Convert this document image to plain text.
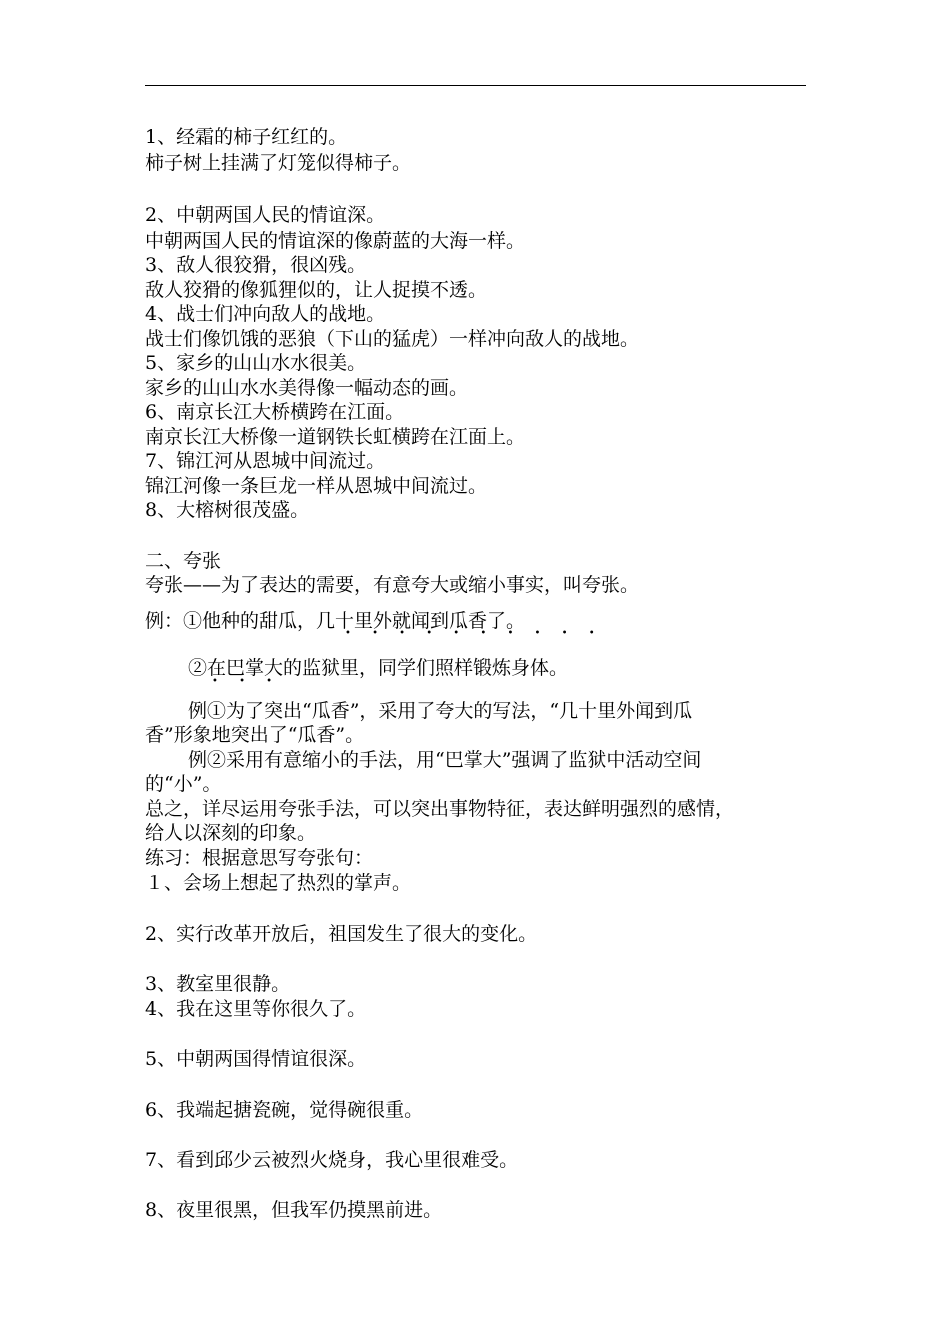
1、经霜的柿子红红的。
柿子树上挂满了灯笼似得柿子。
2、中朝两国人民的情谊深。
中朝两国人民的情谊深的像蔚蓝的大海一样。
3、敌人很狡猾，很凶残。
敌人狡猾的像狐狸似的，让人捉摸不透。
4、战士们冲向敌人的战地。
战士们像饥饿的恶狼（下山的猛虎）一样冲向敌人的战地。
5、家乡的山山水水很美。
家乡的山山水水美得像一幅动态的画。
6、南京长江大桥横跨在江面。
南京长江大桥像一道钢铁长虹横跨在江面上。
7、锦江河从恩城中间流过。
锦江河像一条巨龙一样从恩城中间流过。
8、大榕树很茂盛。
二、夸张
夸张——为了表达的需要，有意夸大或缩小事实，叫夸张。
例：①他种的甜瓜，几十里外就闻到瓜香了。
• • • • • • • • • •
②在巴掌大的监狱里，同学们照样锻炼身体。
• • •
例①为了突出“瓜香”，采用了夸大的写法，“几十里外闻到瓜
香”形象地突出了“瓜香”。
例②采用有意缩小的手法，用“巴掌大”强调了监狱中活动空间
的“小”。
总之，详尽运用夸张手法，可以突出事物特征，表达鲜明强烈的感情，
给人以深刻的印象。
练习：根据意思写夸张句：
１、会场上想起了热烈的掌声。
2、实行改革开放后，祖国发生了很大的变化。
3、教室里很静。
4、我在这里等你很久了。
5、中朝两国得情谊很深。
6、我端起搪瓷碗，觉得碗很重。
7、看到邱少云被烈火烧身，我心里很难受。
8、夜里很黑，但我军仍摸黑前进。
